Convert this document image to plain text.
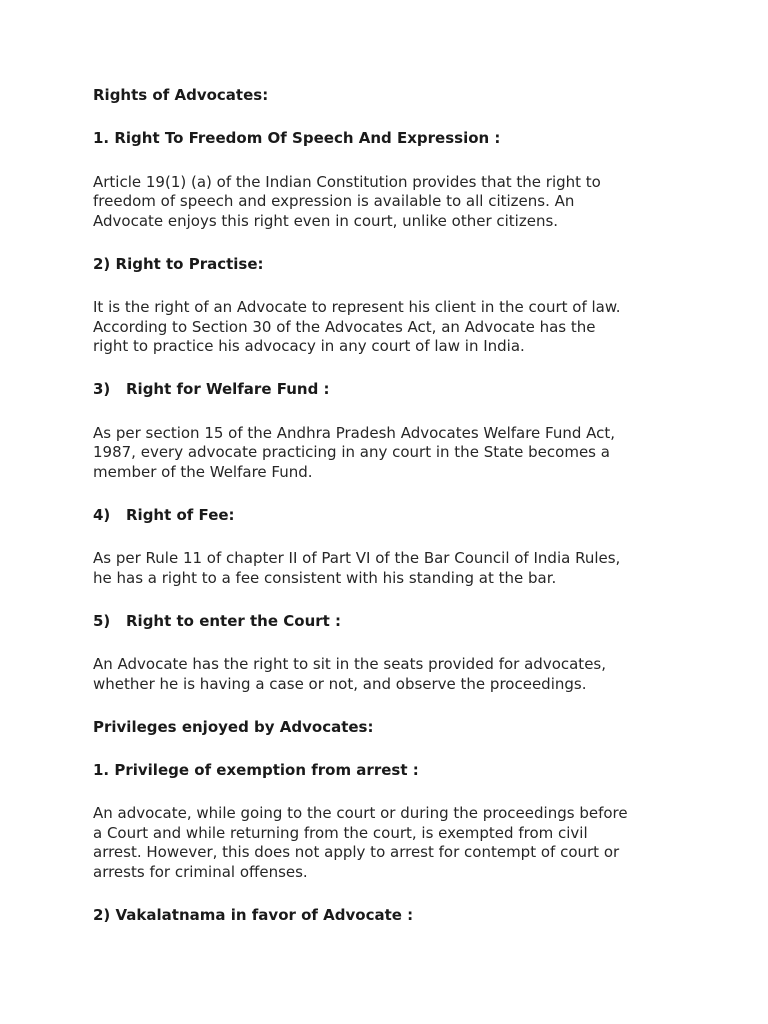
Rights of Advocates:

1. Right To Freedom Of Speech And Expression :

Article 19(1) (a) of the Indian Constitution provides that the right to

freedom of speech and expression is available to all citizens. An

Advocate enjoys this right even in court, unlike other citizens.

2) Right to Practise:

It is the right of an Advocate to represent his client in the court of law.

According to Section 30 of the Advocates Act, an Advocate has the

right to practice his advocacy in any court of law in India.

3) Right for Welfare Fund :

As per section 15 of the Andhra Pradesh Advocates Welfare Fund Act,

1987, every advocate practicing in any court in the State becomes a

member of the Welfare Fund.

4) Right of Fee:

As per Rule 11 of chapter II of Part VI of the Bar Council of India Rules,

he has a right to a fee consistent with his standing at the bar.

5) Right to enter the Court :

An Advocate has the right to sit in the seats provided for advocates,

whether he is having a case or not, and observe the proceedings.

Privileges enjoyed by Advocates:

1. Privilege of exemption from arrest :

An advocate, while going to the court or during the proceedings before

a Court and while returning from the court, is exempted from civil

arrest. However, this does not apply to arrest for contempt of court or

arrests for criminal offenses.

2) Vakalatnama in favor of Advocate :
